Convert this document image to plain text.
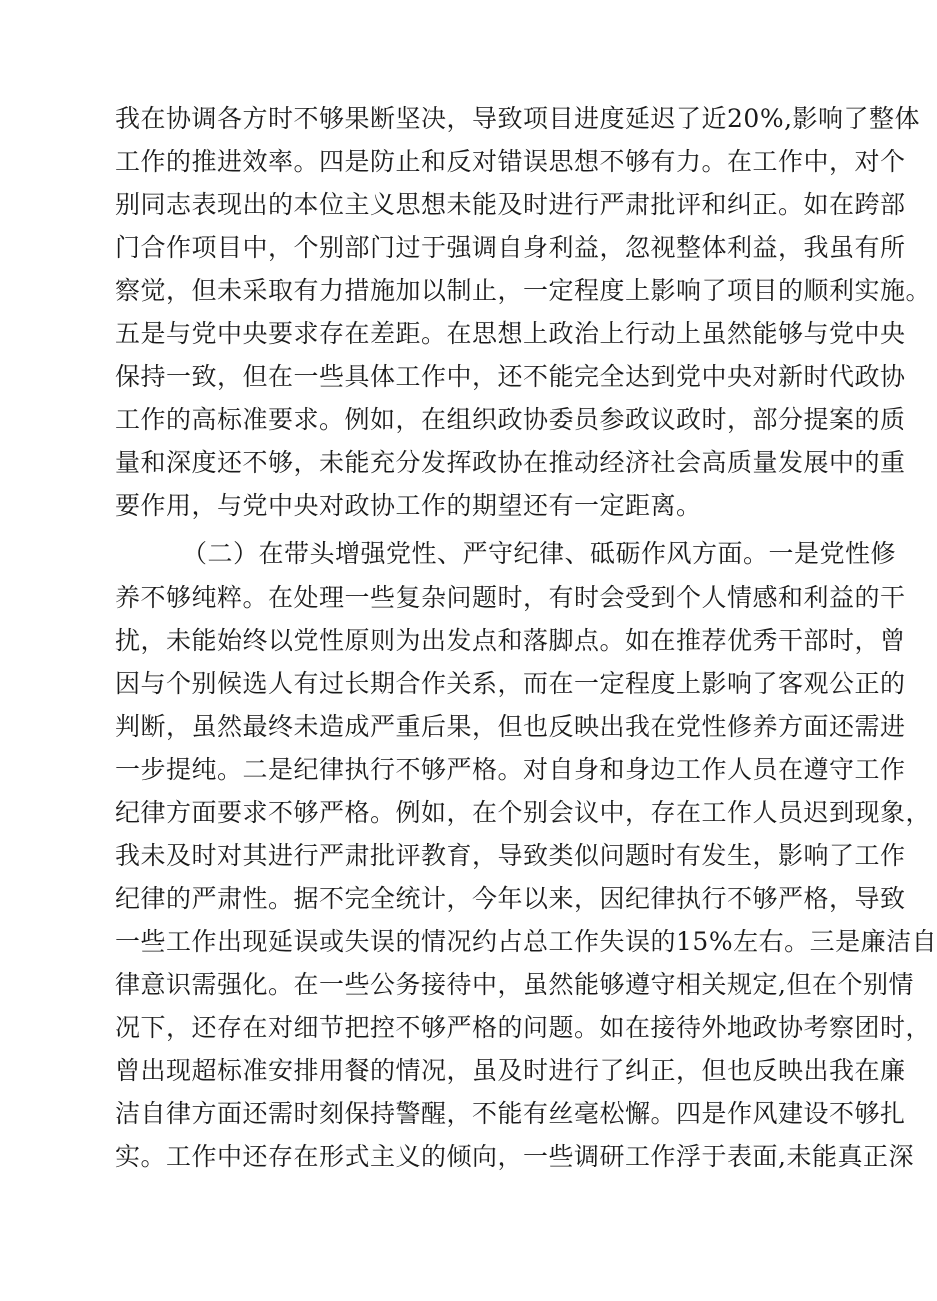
我在协调各方时不够果断坚决，导致项目进度延迟了近20%,影响了整体
工作的推进效率。四是防止和反对错误思想不够有力。在工作中，对个
别同志表现出的本位主义思想未能及时进行严肃批评和纠正。如在跨部
门合作项目中，个别部门过于强调自身利益，忽视整体利益，我虽有所
察觉，但未采取有力措施加以制止，一定程度上影响了项目的顺利实施。
五是与党中央要求存在差距。在思想上政治上行动上虽然能够与党中央
保持一致，但在一些具体工作中，还不能完全达到党中央对新时代政协
工作的高标准要求。例如，在组织政协委员参政议政时，部分提案的质
量和深度还不够，未能充分发挥政协在推动经济社会高质量发展中的重
要作用，与党中央对政协工作的期望还有一定距离。
（二）在带头增强党性、严守纪律、砥砺作风方面。一是党性修
养不够纯粹。在处理一些复杂问题时，有时会受到个人情感和利益的干
扰，未能始终以党性原则为出发点和落脚点。如在推荐优秀干部时，曾
因与个别候选人有过长期合作关系，而在一定程度上影响了客观公正的
判断，虽然最终未造成严重后果，但也反映出我在党性修养方面还需进
一步提纯。二是纪律执行不够严格。对自身和身边工作人员在遵守工作
纪律方面要求不够严格。例如，在个别会议中，存在工作人员迟到现象，
我未及时对其进行严肃批评教育，导致类似问题时有发生，影响了工作
纪律的严肃性。据不完全统计，今年以来，因纪律执行不够严格，导致
一些工作出现延误或失误的情况约占总工作失误的15%左右。三是廉洁自
律意识需强化。在一些公务接待中，虽然能够遵守相关规定,但在个别情
况下，还存在对细节把控不够严格的问题。如在接待外地政协考察团时，
曾出现超标准安排用餐的情况，虽及时进行了纠正，但也反映出我在廉
洁自律方面还需时刻保持警醒，不能有丝毫松懈。四是作风建设不够扎
实。工作中还存在形式主义的倾向，一些调研工作浮于表面,未能真正深
